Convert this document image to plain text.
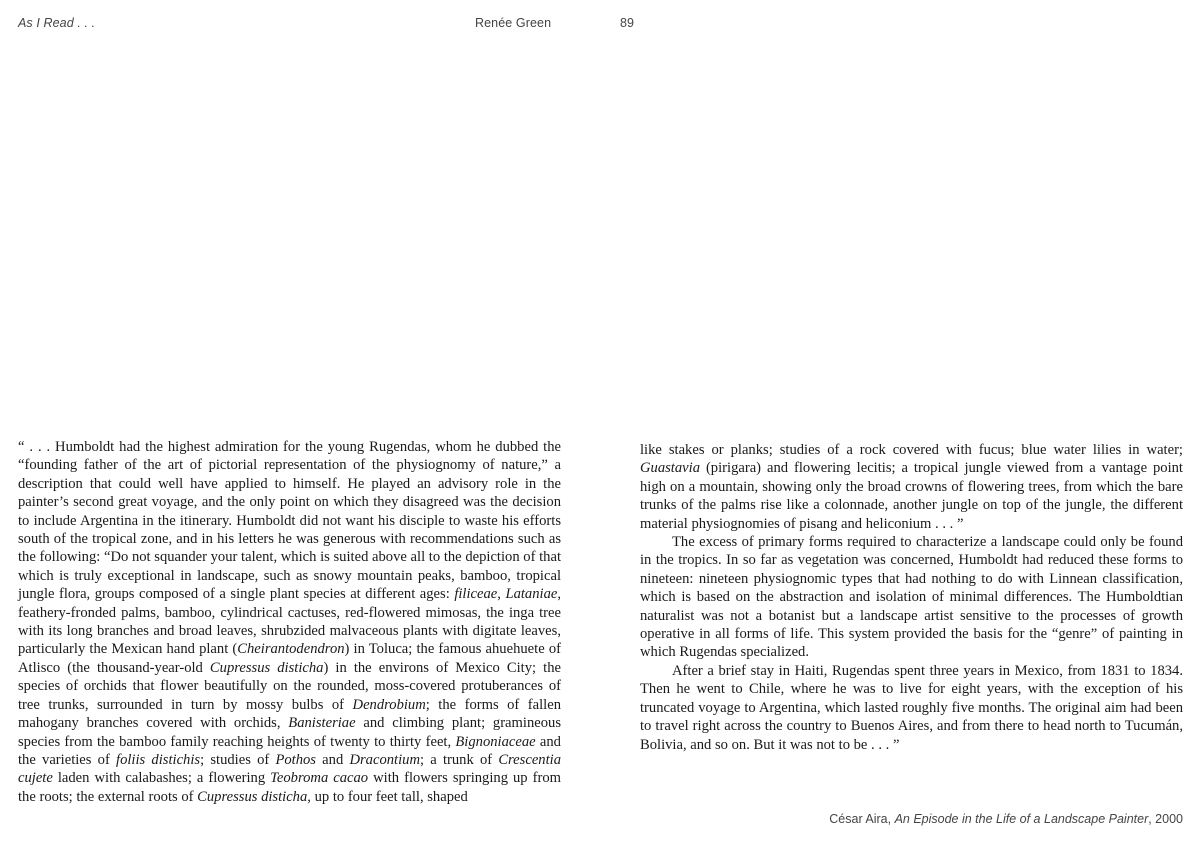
As I Read . . .	Renée Green	89

“ . . . Humboldt had the highest admiration for the young Rugendas, whom he dubbed the “founding father of the art of pictorial representation of the physiognomy of nature,” a description that could well have applied to himself. He played an advisory role in the painter’s second great voyage, and the only point on which they disagreed was the decision to include Argentina in the itinerary. Humboldt did not want his disciple to waste his efforts south of the tropical zone, and in his letters he was generous with recommendations such as the following: “Do not squander your talent, which is suited above all to the depiction of that which is truly exceptional in landscape, such as snowy mountain peaks, bamboo, tropical jungle flora, groups composed of a single plant species at different ages: filiceae, Lataniae, feathery-fronded palms, bamboo, cylindrical cactuses, red-flowered mimosas, the inga tree with its long branches and broad leaves, shrubzided malvaceous plants with digitate leaves, particularly the Mexican hand plant (Cheirantodendron) in Toluca; the famous ahuehuete of Atlisco (the thousand-year-old Cupressus disticha) in the environs of Mexico City; the species of orchids that flower beautifully on the rounded, moss-covered protuberances of tree trunks, surrounded in turn by mossy bulbs of Dendrobium; the forms of fallen mahogany branches covered with orchids, Banisteriae and climbing plant; gramineous species from the bamboo family reaching heights of twenty to thirty feet, Bignoniaceae and the varieties of foliis distichis; studies of Pothos and Dracontium; a trunk of Crescentia cujete laden with calabashes; a flowering Teobroma cacao with flowers springing up from the roots; the external roots of Cupressus disticha, up to four feet tall, shaped

like stakes or planks; studies of a rock covered with fucus; blue water lilies in water; Guastavia (pirigara) and flowering lecitis; a tropical jungle viewed from a vantage point high on a mountain, showing only the broad crowns of flowering trees, from which the bare trunks of the palms rise like a colonnade, another jungle on top of the jungle, the different material physiognomies of pisang and heliconium . . . ”

The excess of primary forms required to characterize a landscape could only be found in the tropics. In so far as vegetation was concerned, Humboldt had reduced these forms to nineteen: nineteen physiognomic types that had nothing to do with Linnean classification, which is based on the abstraction and isolation of minimal differences. The Humboldtian naturalist was not a botanist but a landscape artist sensitive to the processes of growth operative in all forms of life. This system provided the basis for the “genre” of painting in which Rugendas specialized.

After a brief stay in Haiti, Rugendas spent three years in Mexico, from 1831 to 1834. Then he went to Chile, where he was to live for eight years, with the exception of his truncated voyage to Argentina, which lasted roughly five months. The original aim had been to travel right across the country to Buenos Aires, and from there to head north to Tucumán, Bolivia, and so on. But it was not to be . . . ”

César Aira, An Episode in the Life of a Landscape Painter, 2000
